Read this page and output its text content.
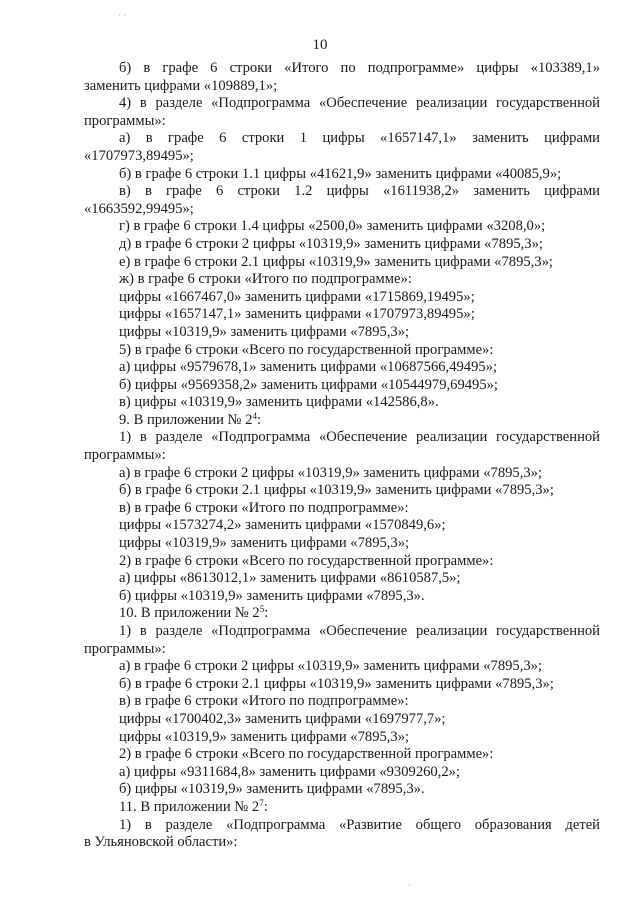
· ·
·
10
б) в графе 6 строки «Итого по подпрограмме» цифры «103389,1»
заменить цифрами «109889,1»;
4) в разделе «Подпрограмма «Обеспечение реализации государственной
программы»:
а) в графе 6 строки 1 цифры «1657147,1» заменить цифрами
«1707973,89495»;
б) в графе 6 строки 1.1 цифры «41621,9» заменить цифрами «40085,9»;
в) в графе 6 строки 1.2 цифры «1611938,2» заменить цифрами
«1663592,99495»;
г) в графе 6 строки 1.4 цифры «2500,0» заменить цифрами «3208,0»;
д) в графе 6 строки 2 цифры «10319,9» заменить цифрами «7895,3»;
е) в графе 6 строки 2.1 цифры «10319,9» заменить цифрами «7895,3»;
ж) в графе 6 строки «Итого по подпрограмме»:
цифры «1667467,0» заменить цифрами «1715869,19495»;
цифры «1657147,1» заменить цифрами «1707973,89495»;
цифры «10319,9» заменить цифрами «7895,3»;
5) в графе 6 строки «Всего по государственной программе»:
а) цифры «9579678,1» заменить цифрами «10687566,49495»;
б) цифры «9569358,2» заменить цифрами «10544979,69495»;
в) цифры «10319,9» заменить цифрами «142586,8».
9. В приложении № $2^4$:
1) в разделе «Подпрограмма «Обеспечение реализации государственной
программы»:
а) в графе 6 строки 2 цифры «10319,9» заменить цифрами «7895,3»;
б) в графе 6 строки 2.1 цифры «10319,9» заменить цифрами «7895,3»;
в) в графе 6 строки «Итого по подпрограмме»:
цифры «1573274,2» заменить цифрами «1570849,6»;
цифры «10319,9» заменить цифрами «7895,3»;
2) в графе 6 строки «Всего по государственной программе»:
а) цифры «8613012,1» заменить цифрами «8610587,5»;
б) цифры «10319,9» заменить цифрами «7895,3».
10. В приложении № $2^5$:
1) в разделе «Подпрограмма «Обеспечение реализации государственной
программы»:
а) в графе 6 строки 2 цифры «10319,9» заменить цифрами «7895,3»;
б) в графе 6 строки 2.1 цифры «10319,9» заменить цифрами «7895,3»;
в) в графе 6 строки «Итого по подпрограмме»:
цифры «1700402,3» заменить цифрами «1697977,7»;
цифры «10319,9» заменить цифрами «7895,3»;
2) в графе 6 строки «Всего по государственной программе»:
а) цифры «9311684,8» заменить цифрами «9309260,2»;
б) цифры «10319,9» заменить цифрами «7895,3».
11. В приложении № $2^7$:
1) в разделе «Подпрограмма «Развитие общего образования детей
в Ульяновской области»:
